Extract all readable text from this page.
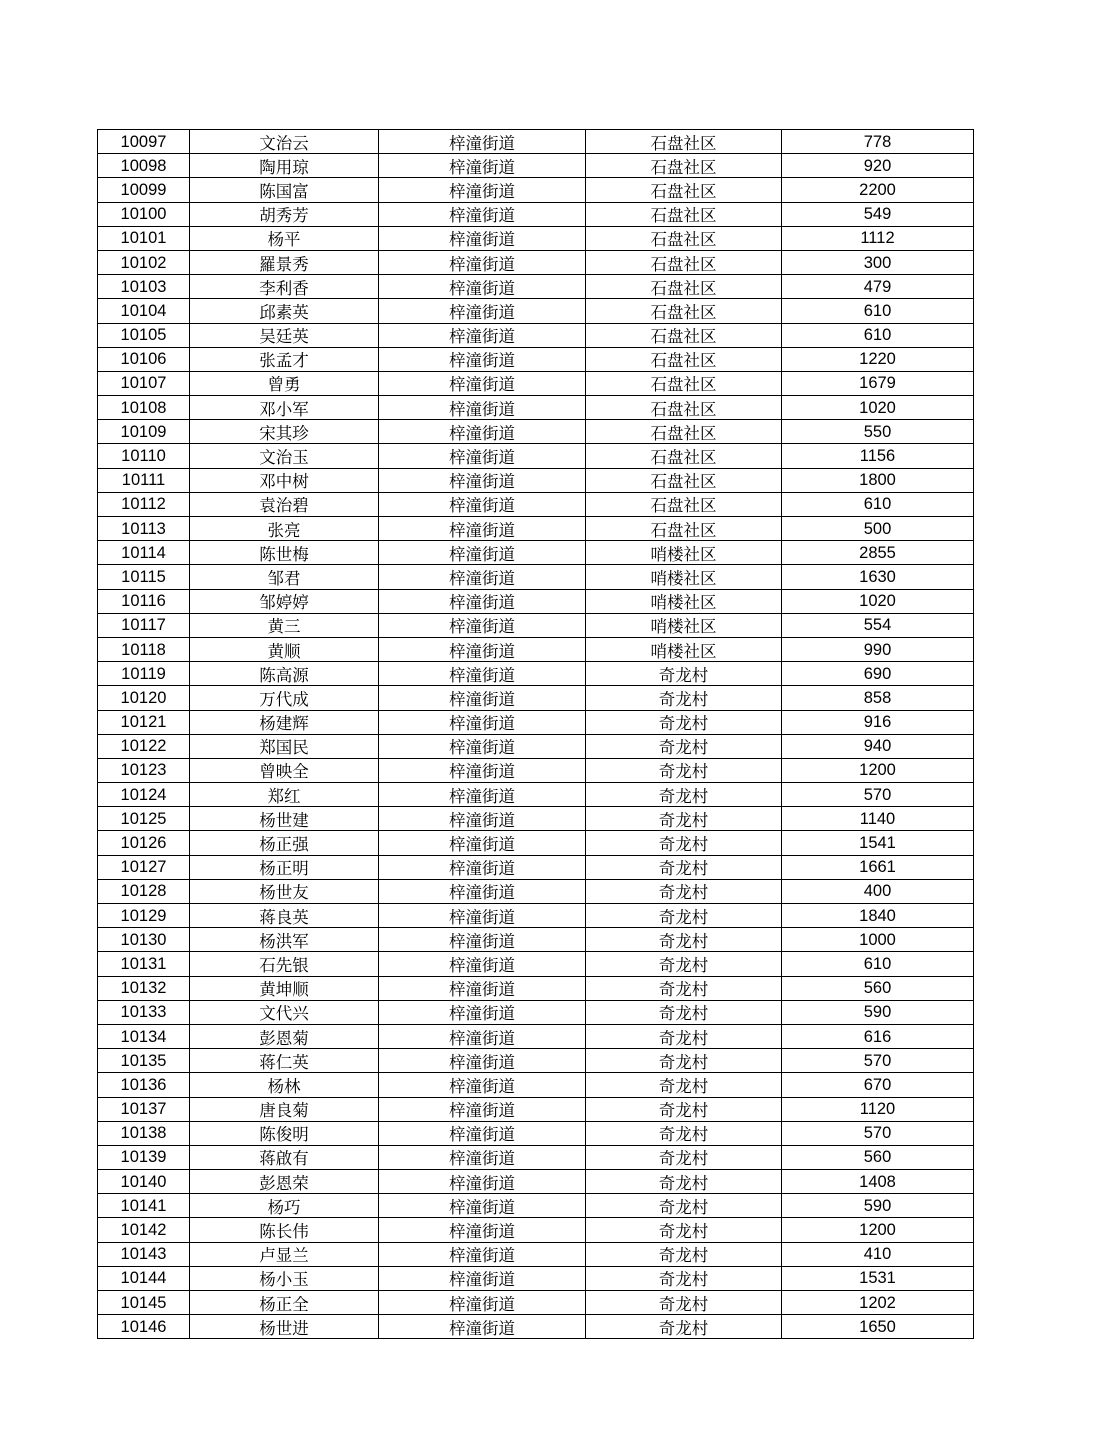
10097	文治云	梓潼街道	石盘社区	778
10098	陶用琼	梓潼街道	石盘社区	920
10099	陈国富	梓潼街道	石盘社区	2200
10100	胡秀芳	梓潼街道	石盘社区	549
10101	杨平	梓潼街道	石盘社区	1112
10102	羅景秀	梓潼街道	石盘社区	300
10103	李利香	梓潼街道	石盘社区	479
10104	邱素英	梓潼街道	石盘社区	610
10105	吴廷英	梓潼街道	石盘社区	610
10106	张孟才	梓潼街道	石盘社区	1220
10107	曾勇	梓潼街道	石盘社区	1679
10108	邓小军	梓潼街道	石盘社区	1020
10109	宋其珍	梓潼街道	石盘社区	550
10110	文治玉	梓潼街道	石盘社区	1156
10111	邓中树	梓潼街道	石盘社区	1800
10112	袁治碧	梓潼街道	石盘社区	610
10113	张亮	梓潼街道	石盘社区	500
10114	陈世梅	梓潼街道	哨楼社区	2855
10115	邹君	梓潼街道	哨楼社区	1630
10116	邹婷婷	梓潼街道	哨楼社区	1020
10117	黄三	梓潼街道	哨楼社区	554
10118	黄顺	梓潼街道	哨楼社区	990
10119	陈高源	梓潼街道	奇龙村	690
10120	万代成	梓潼街道	奇龙村	858
10121	杨建辉	梓潼街道	奇龙村	916
10122	郑国民	梓潼街道	奇龙村	940
10123	曾映全	梓潼街道	奇龙村	1200
10124	郑红	梓潼街道	奇龙村	570
10125	杨世建	梓潼街道	奇龙村	1140
10126	杨正强	梓潼街道	奇龙村	1541
10127	杨正明	梓潼街道	奇龙村	1661
10128	杨世友	梓潼街道	奇龙村	400
10129	蒋良英	梓潼街道	奇龙村	1840
10130	杨洪军	梓潼街道	奇龙村	1000
10131	石先银	梓潼街道	奇龙村	610
10132	黄坤顺	梓潼街道	奇龙村	560
10133	文代兴	梓潼街道	奇龙村	590
10134	彭恩菊	梓潼街道	奇龙村	616
10135	蒋仁英	梓潼街道	奇龙村	570
10136	杨林	梓潼街道	奇龙村	670
10137	唐良菊	梓潼街道	奇龙村	1120
10138	陈俊明	梓潼街道	奇龙村	570
10139	蒋啟有	梓潼街道	奇龙村	560
10140	彭恩荣	梓潼街道	奇龙村	1408
10141	杨巧	梓潼街道	奇龙村	590
10142	陈长伟	梓潼街道	奇龙村	1200
10143	卢显兰	梓潼街道	奇龙村	410
10144	杨小玉	梓潼街道	奇龙村	1531
10145	杨正全	梓潼街道	奇龙村	1202
10146	杨世进	梓潼街道	奇龙村	1650
